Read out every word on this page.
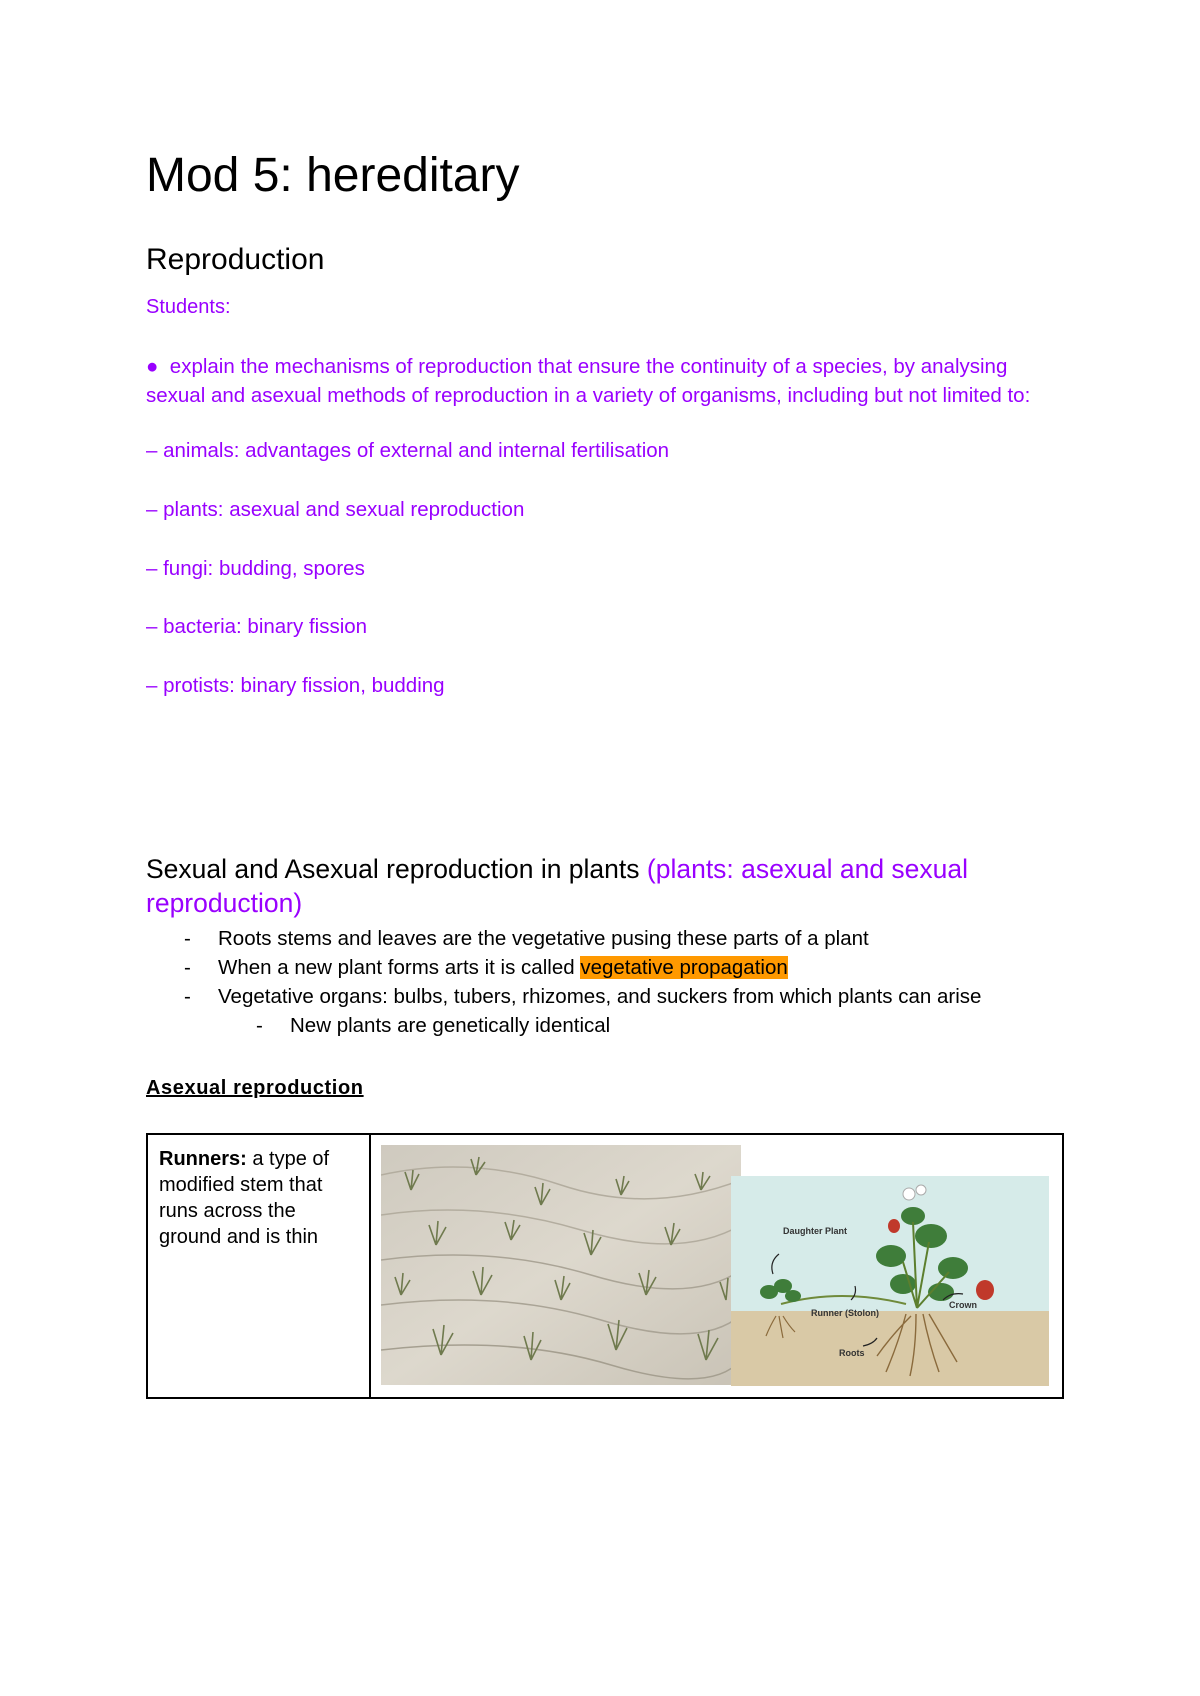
Mod 5: hereditary
Reproduction
Students:
● explain the mechanisms of reproduction that ensure the continuity of a species, by analysing sexual and asexual methods of reproduction in a variety of organisms, including but not limited to:
– animals: advantages of external and internal fertilisation
– plants: asexual and sexual reproduction
– fungi: budding, spores
– bacteria: binary fission
– protists: binary fission, budding
Sexual and Asexual reproduction in plants (plants: asexual and sexual reproduction)
- Roots stems and leaves are the vegetative pusing these parts of a plant
- When a new plant forms arts it is called vegetative propagation
- Vegetative organs: bulbs, tubers, rhizomes, and suckers from which plants can arise
- New plants are genetically identical
Asexual reproduction
Runners: a type of modified stem that runs across the ground and is thin	Daughter Plant
Runner (Stolon)
Roots
Crown
